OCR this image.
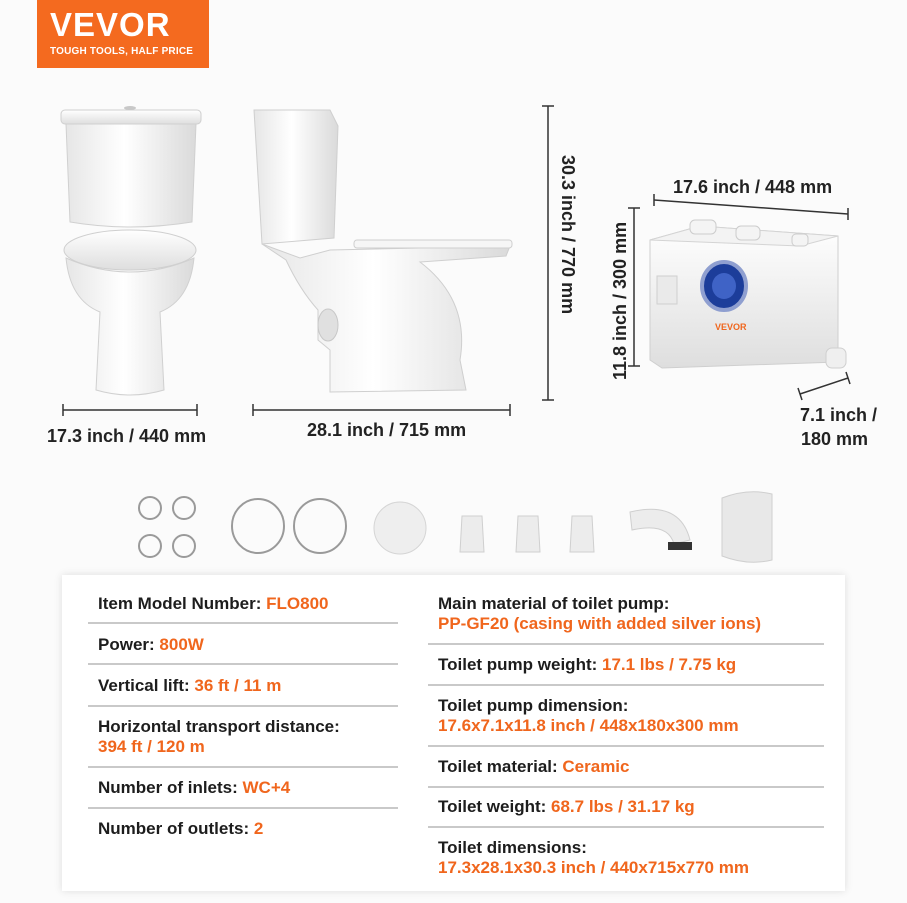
VEVOR
TOUGH TOOLS, HALF PRICE
VEVOR
17.3 inch / 440 mm	28.1 inch / 715 mm
30.3 inch / 770 mm	17.6 inch / 448 mm
11.8 inch / 300 mm
7.1 inch /
180 mm
Item Model Number: FLO800
Power: 800W
Vertical lift: 36 ft / 11 m
Horizontal transport distance:
394 ft / 120 m
Number of inlets: WC+4
Number of outlets: 2
Main material of toilet pump:
PP-GF20 (casing with added silver ions)
Toilet pump weight: 17.1 lbs / 7.75 kg
Toilet pump dimension:
17.6x7.1x11.8 inch / 448x180x300 mm
Toilet material: Ceramic
Toilet weight: 68.7 lbs / 31.17 kg
Toilet dimensions:
17.3x28.1x30.3 inch / 440x715x770 mm
